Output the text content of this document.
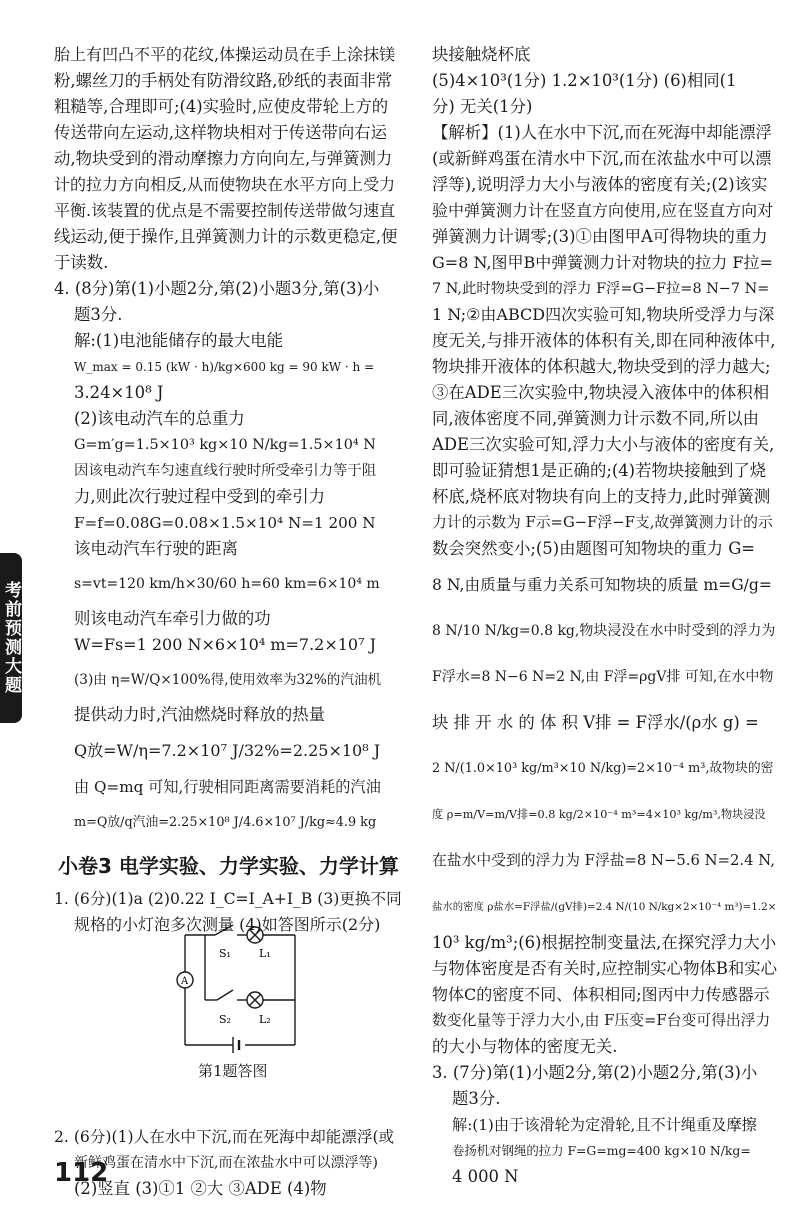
胎上有凹凸不平的花纹,体操运动员在手上涂抹镁
粉,螺丝刀的手柄处有防滑纹路,砂纸的表面非常
粗糙等,合理即可;(4)实验时,应使皮带轮上方的
传送带向左运动,这样物块相对于传送带向右运
动,物块受到的滑动摩擦力方向向左,与弹簧测力
计的拉力方向相反,从而使物块在水平方向上受力
平衡.该装置的优点是不需要控制传送带做匀速直
线运动,便于操作,且弹簧测力计的示数更稳定,便
于读数.
4. (8分)第(1)小题2分,第(2)小题3分,第(3)小
题3分.
解:(1)电池能储存的最大电能
W_max = 0.15 (kW · h)/kg×600 kg = 90 kW · h =
3.24×10⁸ J
(2)该电动汽车的总重力
G=m′g=1.5×10³ kg×10 N/kg=1.5×10⁴ N
因该电动汽车匀速直线行驶时所受牵引力等于阻
力,则此次行驶过程中受到的牵引力
F=f=0.08G=0.08×1.5×10⁴ N=1 200 N
该电动汽车行驶的距离
s=vt=120 km/h×30/60 h=60 km=6×10⁴ m
则该电动汽车牵引力做的功
W=Fs=1 200 N×6×10⁴ m=7.2×10⁷ J
(3)由 η=W/Q×100%得,使用效率为32%的汽油机
提供动力时,汽油燃烧时释放的热量
Q放=W/η=7.2×10⁷ J/32%=2.25×10⁸ J
由 Q=mq 可知,行驶相同距离需要消耗的汽油
m=Q放/q汽油=2.25×10⁸ J/4.6×10⁷ J/kg≈4.9 kg
小卷3 电学实验、力学实验、力学计算
1. (6分)(1)a (2)0.22 I_C=I_A+I_B (3)更换不同
规格的小灯泡多次测量 (4)如答图所示(2分)
2. (6分)(1)人在水中下沉,而在死海中却能漂浮(或
新鲜鸡蛋在清水中下沉,而在浓盐水中可以漂浮等)
(2)竖直 (3)①1 ②大 ③ADE (4)物
A
S₁	L₁
S₂	L₂
第1题答图
块接触烧杯底
(5)4×10³(1分) 1.2×10³(1分) (6)相同(1
分) 无关(1分)
【解析】(1)人在水中下沉,而在死海中却能漂浮
(或新鲜鸡蛋在清水中下沉,而在浓盐水中可以漂
浮等),说明浮力大小与液体的密度有关;(2)该实
验中弹簧测力计在竖直方向使用,应在竖直方向对
弹簧测力计调零;(3)①由图甲A可得物块的重力
G=8 N,图甲B中弹簧测力计对物块的拉力 F拉=
7 N,此时物块受到的浮力 F浮=G−F拉=8 N−7 N=
1 N;②由ABCD四次实验可知,物块所受浮力与深
度无关,与排开液体的体积有关,即在同种液体中,
物块排开液体的体积越大,物块受到的浮力越大;
③在ADE三次实验中,物块浸入液体中的体积相
同,液体密度不同,弹簧测力计示数不同,所以由
ADE三次实验可知,浮力大小与液体的密度有关,
即可验证猜想1是正确的;(4)若物块接触到了烧
杯底,烧杯底对物块有向上的支持力,此时弹簧测
力计的示数为 F示=G−F浮−F支,故弹簧测力计的示
数会突然变小;(5)由题图可知物块的重力 G=
8 N,由质量与重力关系可知物块的质量 m=G/g=
8 N/10 N/kg=0.8 kg,物块浸没在水中时受到的浮力为
F浮水=8 N−6 N=2 N,由 F浮=ρgV排 可知,在水中物
块 排 开 水 的 体 积 V排 = F浮水/(ρ水 g) =
2 N/(1.0×10³ kg/m³×10 N/kg)=2×10⁻⁴ m³,故物块的密
度 ρ=m/V=m/V排=0.8 kg/2×10⁻⁴ m³=4×10³ kg/m³,物块浸没
在盐水中受到的浮力为 F浮盐=8 N−5.6 N=2.4 N,
盐水的密度 ρ盐水=F浮盐/(gV排)=2.4 N/(10 N/kg×2×10⁻⁴ m³)=1.2×
10³ kg/m³;(6)根据控制变量法,在探究浮力大小
与物体密度是否有关时,应控制实心物体B和实心
物体C的密度不同、体积相同;图丙中力传感器示
数变化量等于浮力大小,由 F压变=F台变可得出浮力
的大小与物体的密度无关.
3. (7分)第(1)小题2分,第(2)小题2分,第(3)小
题3分.
解:(1)由于该滑轮为定滑轮,且不计绳重及摩擦
卷扬机对钢绳的拉力 F=G=mg=400 kg×10 N/kg=
4 000 N
考前预测大题
112
